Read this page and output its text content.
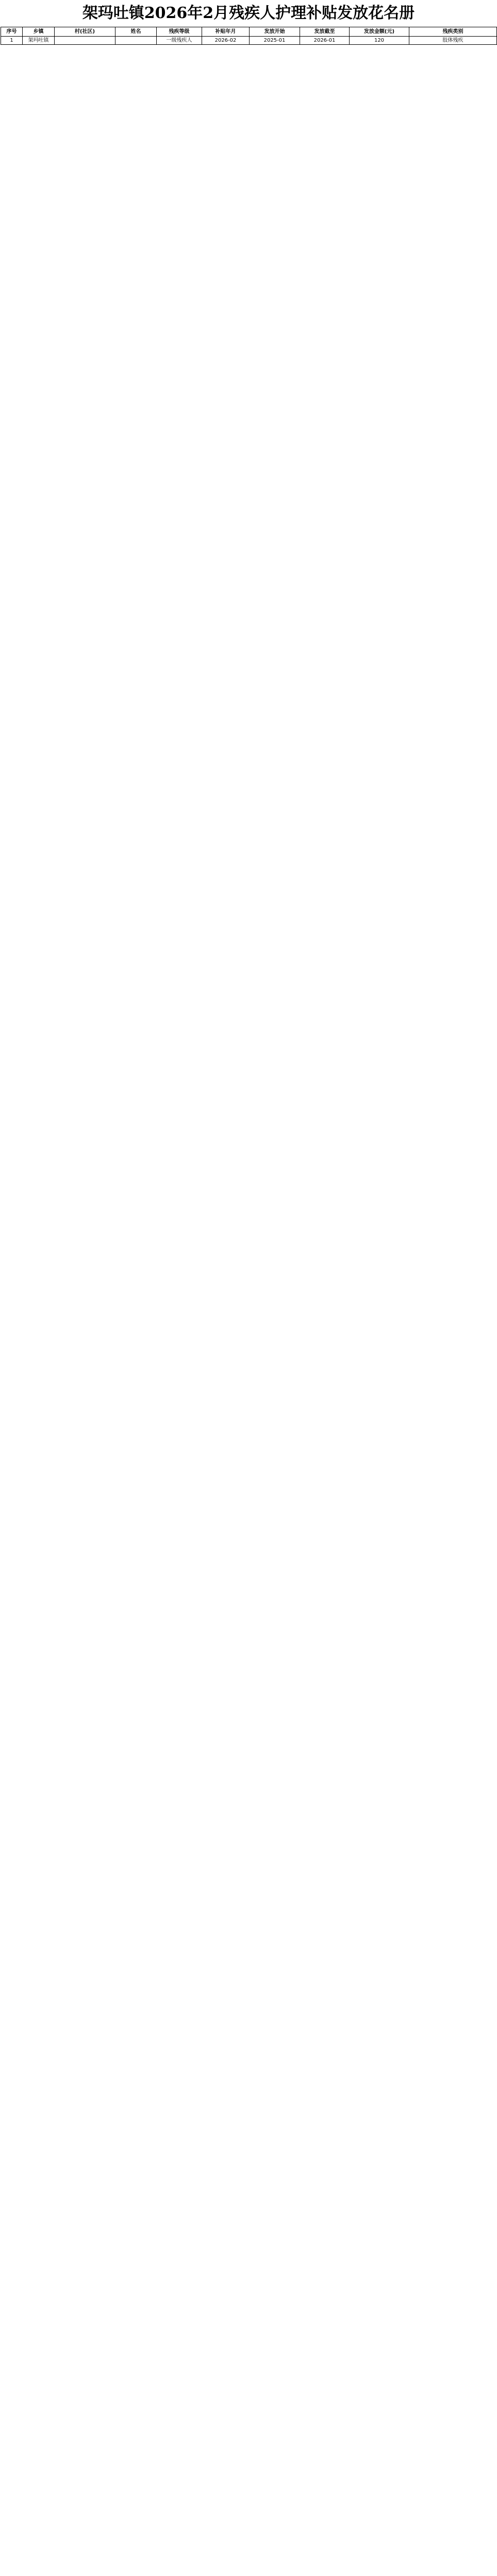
架玛吐镇2026年2月残疾人护理补贴发放花名册
序号	乡镇	村(社区)	姓名	残疾等级	补贴年月	发放开始	发放截至	发放金额(元)	残疾类别
1	架玛吐镇			一级残疾人	2026-02	2025-01	2026-01	120	肢体残疾
